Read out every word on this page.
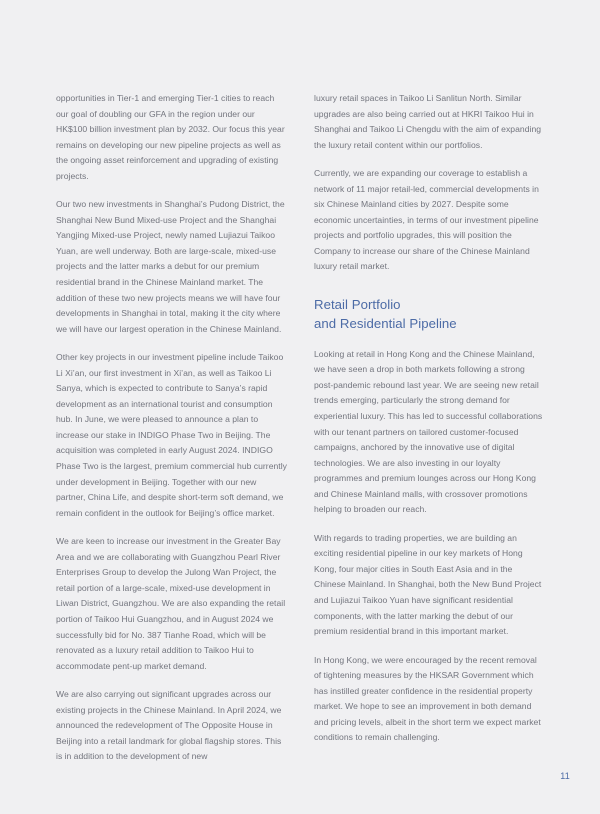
opportunities in Tier-1 and emerging Tier-1 cities to reach our goal of doubling our GFA in the region under our HK$100 billion investment plan by 2032. Our focus this year remains on developing our new pipeline projects as well as the ongoing asset reinforcement and upgrading of existing projects.

Our two new investments in Shanghai’s Pudong District, the Shanghai New Bund Mixed-use Project and the Shanghai Yangjing Mixed-use Project, newly named Lujiazui Taikoo Yuan, are well underway. Both are large-scale, mixed-use projects and the latter marks a debut for our premium residential brand in the Chinese Mainland market. The addition of these two new projects means we will have four developments in Shanghai in total, making it the city where we will have our largest operation in the Chinese Mainland.

Other key projects in our investment pipeline include Taikoo Li Xi’an, our first investment in Xi’an, as well as Taikoo Li Sanya, which is expected to contribute to Sanya’s rapid development as an international tourist and consumption hub. In June, we were pleased to announce a plan to increase our stake in INDIGO Phase Two in Beijing. The acquisition was completed in early August 2024. INDIGO Phase Two is the largest, premium commercial hub currently under development in Beijing. Together with our new partner, China Life, and despite short-term soft demand, we remain confident in the outlook for Beijing’s office market.

We are keen to increase our investment in the Greater Bay Area and we are collaborating with Guangzhou Pearl River Enterprises Group to develop the Julong Wan Project, the retail portion of a large-scale, mixed-use development in Liwan District, Guangzhou. We are also expanding the retail portion of Taikoo Hui Guangzhou, and in August 2024 we successfully bid for No. 387 Tianhe Road, which will be renovated as a luxury retail addition to Taikoo Hui to accommodate pent-up market demand.

We are also carrying out significant upgrades across our existing projects in the Chinese Mainland. In April 2024, we announced the redevelopment of The Opposite House in Beijing into a retail landmark for global flagship stores. This is in addition to the development of new

luxury retail spaces in Taikoo Li Sanlitun North. Similar upgrades are also being carried out at HKRI Taikoo Hui in Shanghai and Taikoo Li Chengdu with the aim of expanding the luxury retail content within our portfolios.

Currently, we are expanding our coverage to establish a network of 11 major retail-led, commercial developments in six Chinese Mainland cities by 2027. Despite some economic uncertainties, in terms of our investment pipeline projects and portfolio upgrades, this will position the Company to increase our share of the Chinese Mainland luxury retail market.

Retail Portfolio
and Residential Pipeline

Looking at retail in Hong Kong and the Chinese Mainland, we have seen a drop in both markets following a strong post-pandemic rebound last year. We are seeing new retail trends emerging, particularly the strong demand for experiential luxury. This has led to successful collaborations with our tenant partners on tailored customer-focused campaigns, anchored by the innovative use of digital technologies. We are also investing in our loyalty programmes and premium lounges across our Hong Kong and Chinese Mainland malls, with crossover promotions helping to broaden our reach.

With regards to trading properties, we are building an exciting residential pipeline in our key markets of Hong Kong, four major cities in South East Asia and in the Chinese Mainland. In Shanghai, both the New Bund Project and Lujiazui Taikoo Yuan have significant residential components, with the latter marking the debut of our premium residential brand in this important market.

In Hong Kong, we were encouraged by the recent removal of tightening measures by the HKSAR Government which has instilled greater confidence in the residential property market. We hope to see an improvement in both demand and pricing levels, albeit in the short term we expect market conditions to remain challenging.

11
